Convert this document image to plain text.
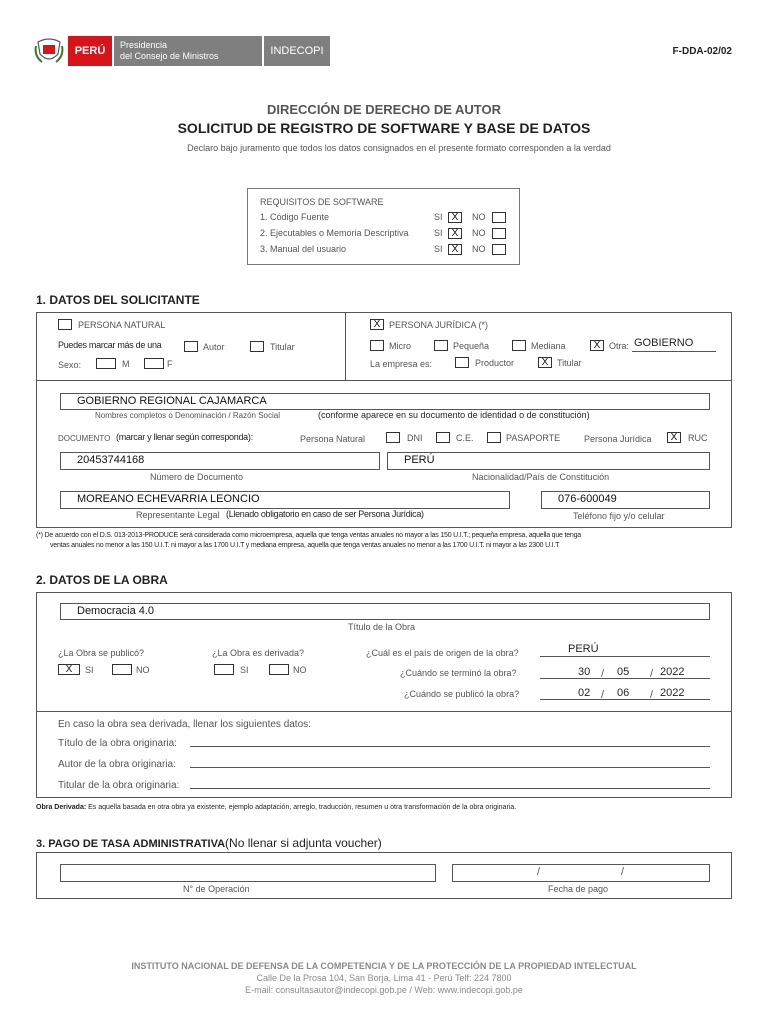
PERÚ	Presidencia
del Consejo de Ministros	INDECOPI	F-DDA-02/02
DIRECCIÓN DE DERECHO DE AUTOR
SOLICITUD DE REGISTRO DE SOFTWARE Y BASE DE DATOS
Declaro bajo juramento que todos los datos consignados en el presente formato corresponden a la verdad
REQUISITOS DE SOFTWARE
1. Código Fuente	SI X	NO
2. Ejecutables o Memoria Descriptiva	SI X	NO
3. Manual del usuario	SI X	NO
1. DATOS DEL SOLICITANTE
PERSONA NATURAL
Puedes marcar más de una	Autor	Titular
Sexo:	M	F
X PERSONA JURÍDICA (*)
Micro	Pequeña	Mediana	X Otra: GOBIERNO
La empresa es:	Productor	X Titular
GOBIERNO REGIONAL CAJAMARCA
Nombres completos o Denominación / Razón Social	(conforme aparece en su documento de identidad o de constitución)
DOCUMENTO (marcar y llenar según corresponda):	Persona Natural	DNI	C.E.	PASAPORTE	Persona Jurídica	X	RUC
20453744168
Número de Documento
PERÚ
Nacionalidad/País de Constitución
MOREANO ECHEVARRIA LEONCIO
Representante Legal (Llenado obligatorio en caso de ser Persona Jurídica)
076-600049
Teléfono fijo y/o celular
(*) De acuerdo con el D.S. 013-2013-PRODUCE será considerada como microempresa, aquella que tenga ventas anuales no mayor a las 150 U.I.T.; pequeña empresa, aquella que tenga
ventas anuales no menor a las 150 U.I.T. ni mayor a las 1700 U.I.T y mediana empresa, aquella que tenga ventas anuales no menor a las 1700 U.I.T. ni mayor a las 2300 U.I.T
2. DATOS DE LA OBRA
Democracia 4.0
Título de la Obra
¿La Obra se publicó?
X	SI	NO
¿La Obra es derivada?
SI	NO
¿Cuál es el país de origen de la obra?	PERÚ
¿Cuándo se terminó la obra?	30 / 05 / 2022
¿Cuándo se publicó la obra?	02 / 06 / 2022
En caso la obra sea derivada, llenar los siguientes datos:
Título de la obra originaria:
Autor de la obra originaria:
Titular de la obra originaria:
Obra Derivada: Es aquella basada en otra obra ya existente, ejemplo adaptación, arreglo, traducción, resumen u otra transformación de la obra originaria.
3. PAGO DE TASA ADMINISTRATIVA(No llenar si adjunta voucher)
N° de Operación
/	/
Fecha de pago
INSTITUTO NACIONAL DE DEFENSA DE LA COMPETENCIA Y DE LA PROTECCIÓN DE LA PROPIEDAD INTELECTUAL
Calle De la Prosa 104, San Borja, Lima 41 - Perú Telf: 224 7800
E-mail: consultasautor@indecopi.gob.pe / Web: www.indecopi.gob.pe
